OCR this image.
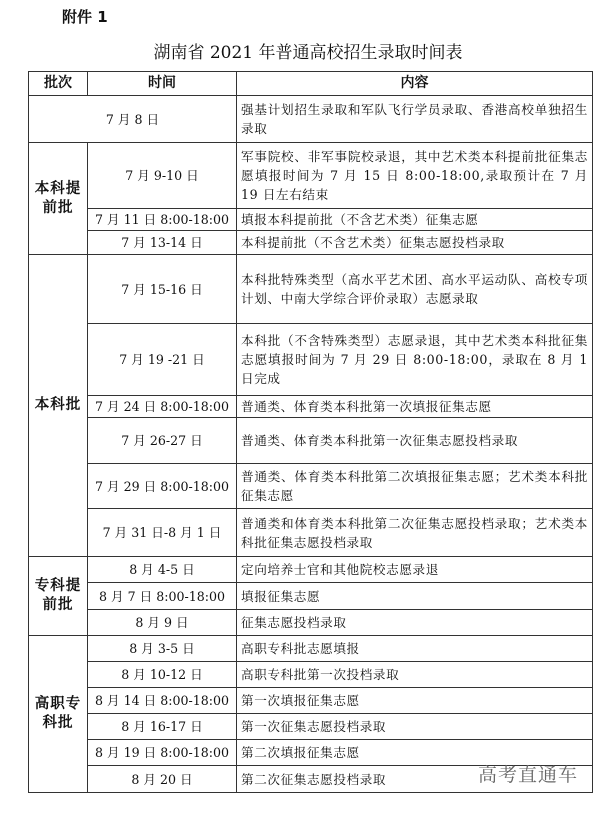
附件 1
湖南省 2021 年普通高校招生录取时间表
批次	时间	内容
7 月 8 日		强基计划招生录取和军队飞行学员录取、香港高校单独招生录取
本科提前批	7 月 9-10 日	军事院校、非军事院校录退，其中艺术类本科提前批征集志愿填报时间为 7 月 15 日 8:00-18:00,录取预计在 7 月 19 日左右结束
	7 月 11 日 8:00-18:00	填报本科提前批（不含艺术类）征集志愿
	7 月 13-14 日	本科提前批（不含艺术类）征集志愿投档录取
本科批	7 月 15-16 日	本科批特殊类型（高水平艺术团、高水平运动队、高校专项计划、中南大学综合评价录取）志愿录取
	7 月 19 -21 日	本科批（不含特殊类型）志愿录退，其中艺术类本科批征集志愿填报时间为 7 月 29 日 8:00-18:00，录取在 8 月 1 日完成
	7 月 24 日 8:00-18:00	普通类、体育类本科批第一次填报征集志愿
	7 月 26-27 日	普通类、体育类本科批第一次征集志愿投档录取
	7 月 29 日 8:00-18:00	普通类、体育类本科批第二次填报征集志愿；艺术类本科批征集志愿
	7 月 31 日-8 月 1 日	普通类和体育类本科批第二次征集志愿投档录取；艺术类本科批征集志愿投档录取
专科提前批	8 月 4-5 日	定向培养士官和其他院校志愿录退
	8 月 7 日 8:00-18:00	填报征集志愿
	8 月 9 日	征集志愿投档录取
高职专科批	8 月 3-5 日	高职专科批志愿填报
	8 月 10-12 日	高职专科批第一次投档录取
	8 月 14 日 8:00-18:00	第一次填报征集志愿
	8 月 16-17 日	第一次征集志愿投档录取
	8 月 19 日 8:00-18:00	第二次填报征集志愿
	8 月 20 日	第二次征集志愿投档录取	高考直通车
